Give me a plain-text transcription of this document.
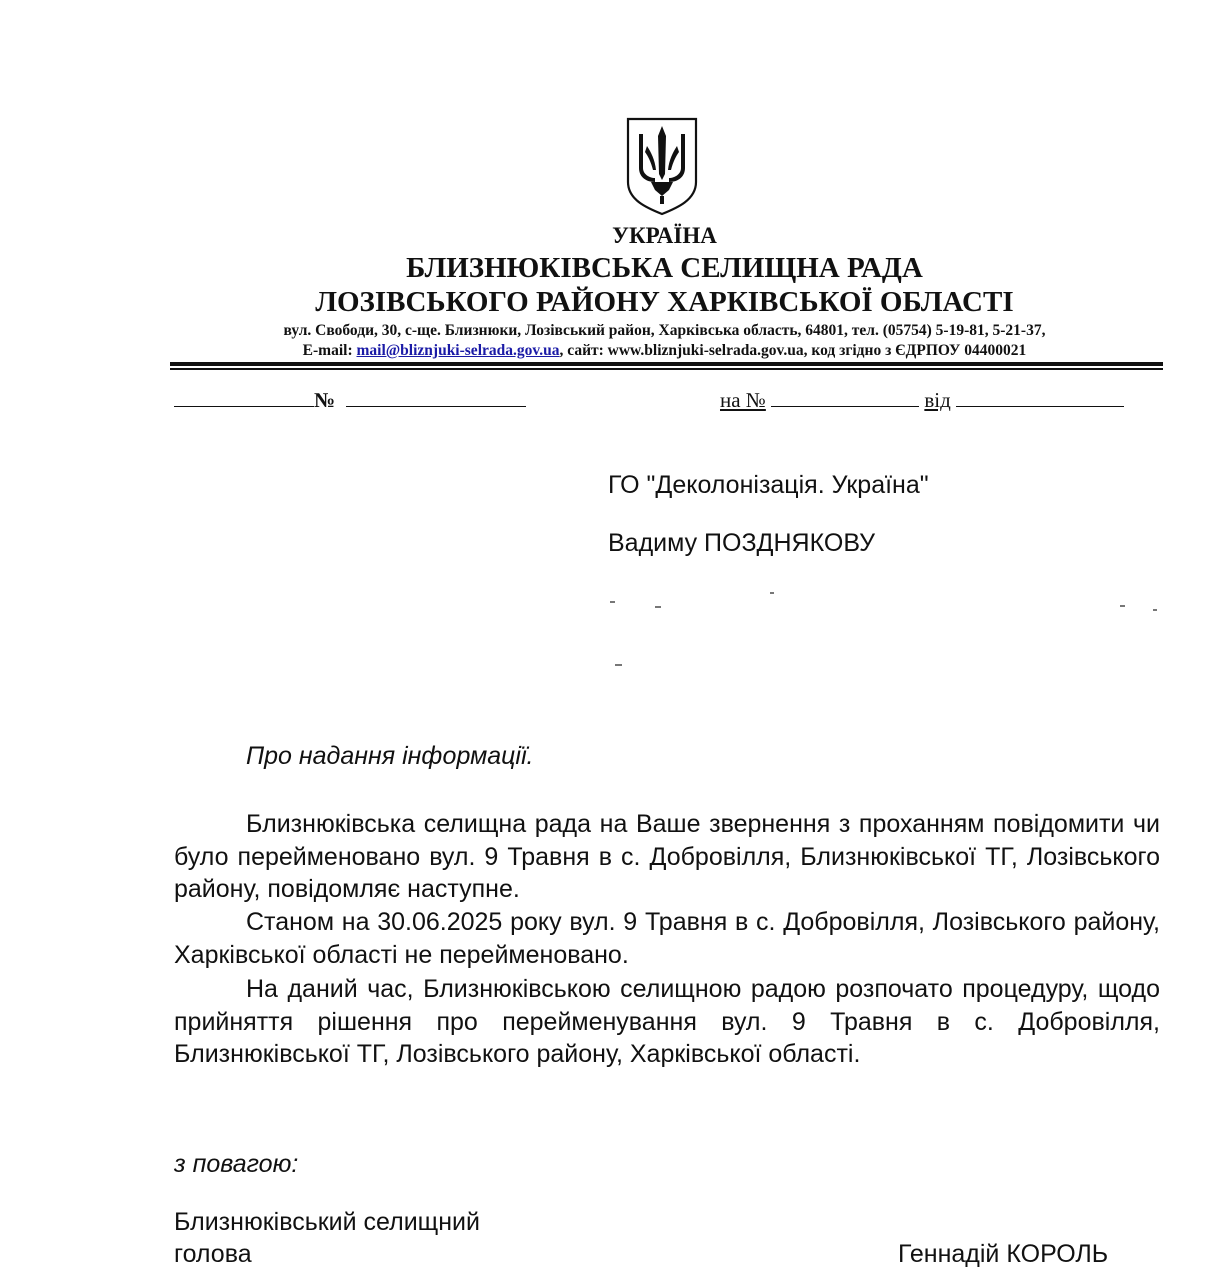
УКРАЇНА
БЛИЗНЮКІВСЬКА СЕЛИЩНА РАДА
ЛОЗІВСЬКОГО РАЙОНУ ХАРКІВСЬКОЇ ОБЛАСТІ
вул. Свободи, 30, с-ще. Близнюки, Лозівський район, Харківська область, 64801, тел. (05754) 5-19-81, 5-21-37,
E-mail: mail@bliznjuki-selrada.gov.ua, сайт: www.bliznjuki-selrada.gov.ua, код згідно з ЄДРПОУ 04400021
№	на №	від
ГО "Деколонізація. Україна"
Вадиму ПОЗДНЯКОВУ
Про надання інформації.

Близнюківська селищна рада на Ваше звернення з проханням повідомити чи було перейменовано вул. 9 Травня в с. Добровілля, Близнюківської ТГ, Лозівського району, повідомляє наступне.

Станом на 30.06.2025 року вул. 9 Травня в с. Добровілля, Лозівського району, Харківської області не перейменовано.

На даний час, Близнюківською селищною радою розпочато процедуру, щодо прийняття рішення про перейменування вул. 9 Травня в с. Добровілля, Близнюківської ТГ, Лозівського району, Харківської області.

з повагою:
Близнюківський селищний
голова	Геннадій КОРОЛЬ
